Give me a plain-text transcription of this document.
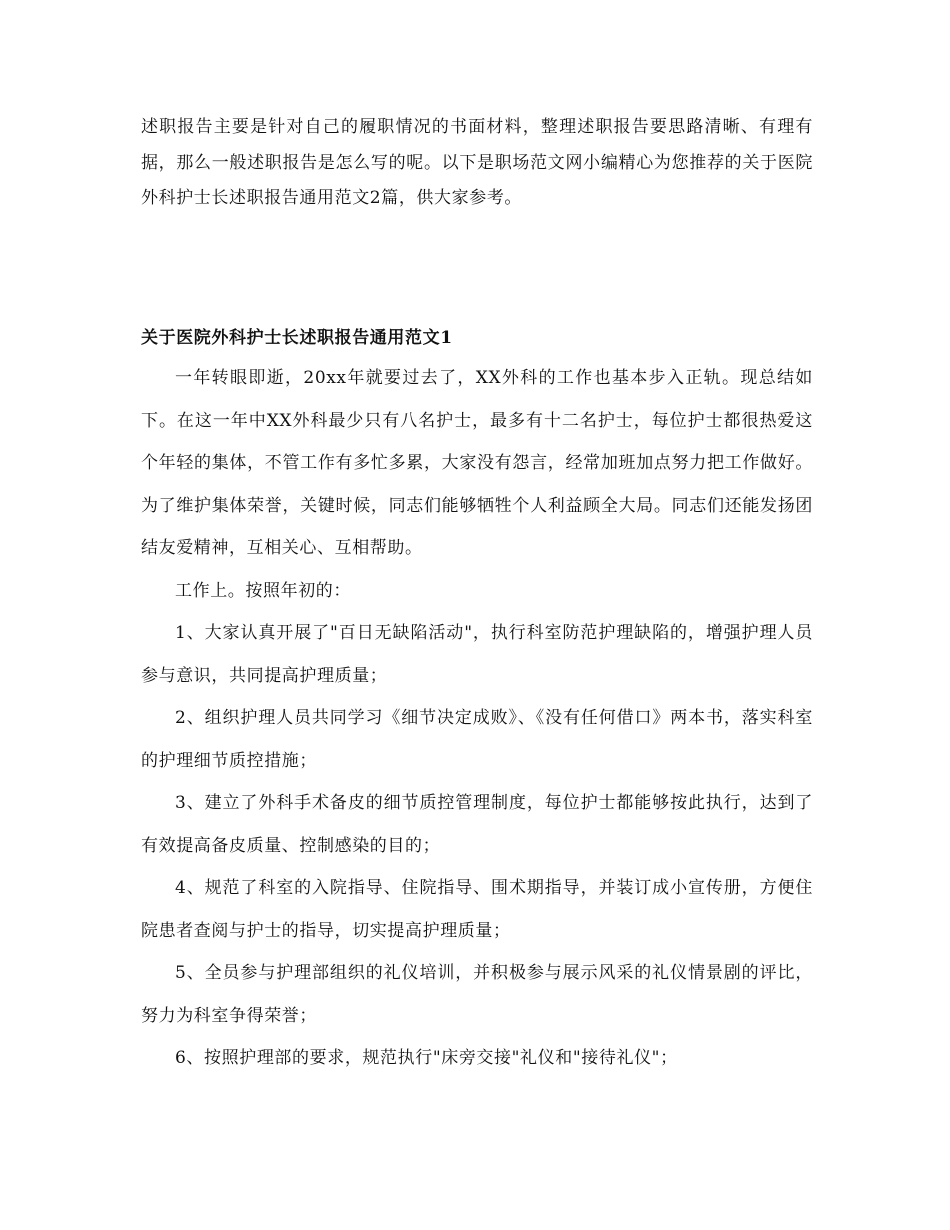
述职报告主要是针对自己的履职情况的书面材料，整理述职报告要思路清晰、有理有据，那么一般述职报告是怎么写的呢。以下是职场范文网小编精心为您推荐的关于医院外科护士长述职报告通用范文2篇，供大家参考。

关于医院外科护士长述职报告通用范文1

一年转眼即逝，20xx年就要过去了，XX外科的工作也基本步入正轨。现总结如下。在这一年中XX外科最少只有八名护士，最多有十二名护士，每位护士都很热爱这个年轻的集体，不管工作有多忙多累，大家没有怨言，经常加班加点努力把工作做好。为了维护集体荣誉，关键时候，同志们能够牺牲个人利益顾全大局。同志们还能发扬团结友爱精神，互相关心、互相帮助。

工作上。按照年初的：

1、大家认真开展了"百日无缺陷活动"，执行科室防范护理缺陷的，增强护理人员参与意识，共同提高护理质量；

2、组织护理人员共同学习《细节决定成败》、《没有任何借口》两本书，落实科室的护理细节质控措施；

3、建立了外科手术备皮的细节质控管理制度，每位护士都能够按此执行，达到了有效提高备皮质量、控制感染的目的；

4、规范了科室的入院指导、住院指导、围术期指导，并装订成小宣传册，方便住院患者查阅与护士的指导，切实提高护理质量；

5、全员参与护理部组织的礼仪培训，并积极参与展示风采的礼仪情景剧的评比，努力为科室争得荣誉；

6、按照护理部的要求，规范执行"床旁交接"礼仪和"接待礼仪"；
